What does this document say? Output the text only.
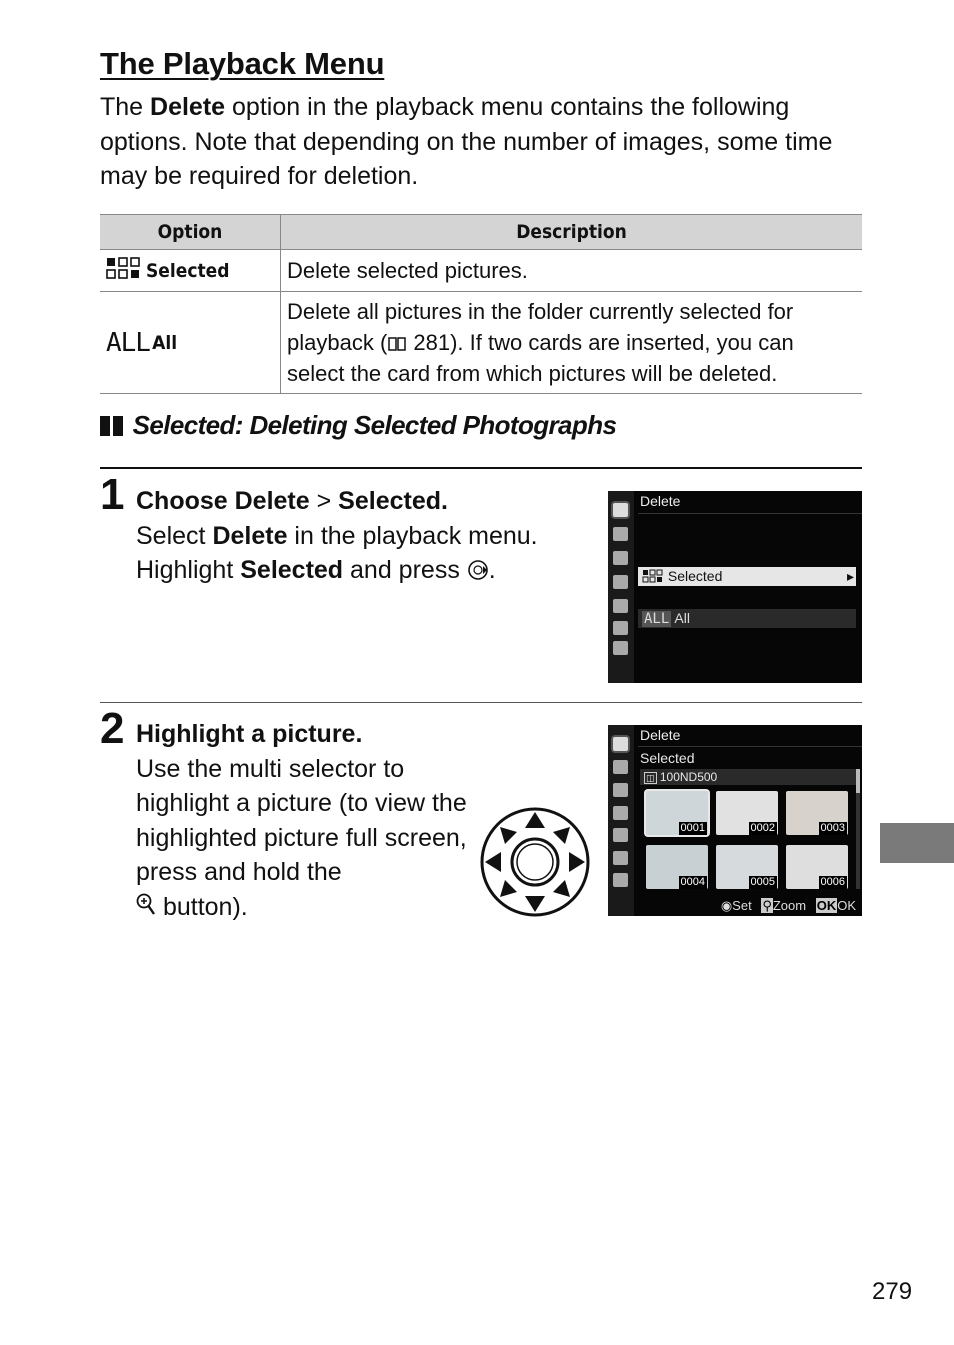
The Playback Menu
The Delete option in the playback menu contains the following options. Note that depending on the number of images, some time may be required for deletion.
Option	Description
Selected	Delete selected pictures.
ALL All	Delete all pictures in the folder currently selected for playback ( 281). If two cards are inserted, you can select the card from which pictures will be deleted.
Selected: Deleting Selected Photographs
1 Choose Delete > Selected.
Select Delete in the playback menu.
Highlight Selected and press .
Delete
Selected	▸
ALL All
2 Highlight a picture.
Use the multi selector to highlight a picture (to view the highlighted picture full screen, press and hold the
button).
Delete
Selected
◫ 100ND500
0001	0002	0003
0004	0005	0006
◉Set ⚲Zoom OKOK
279
